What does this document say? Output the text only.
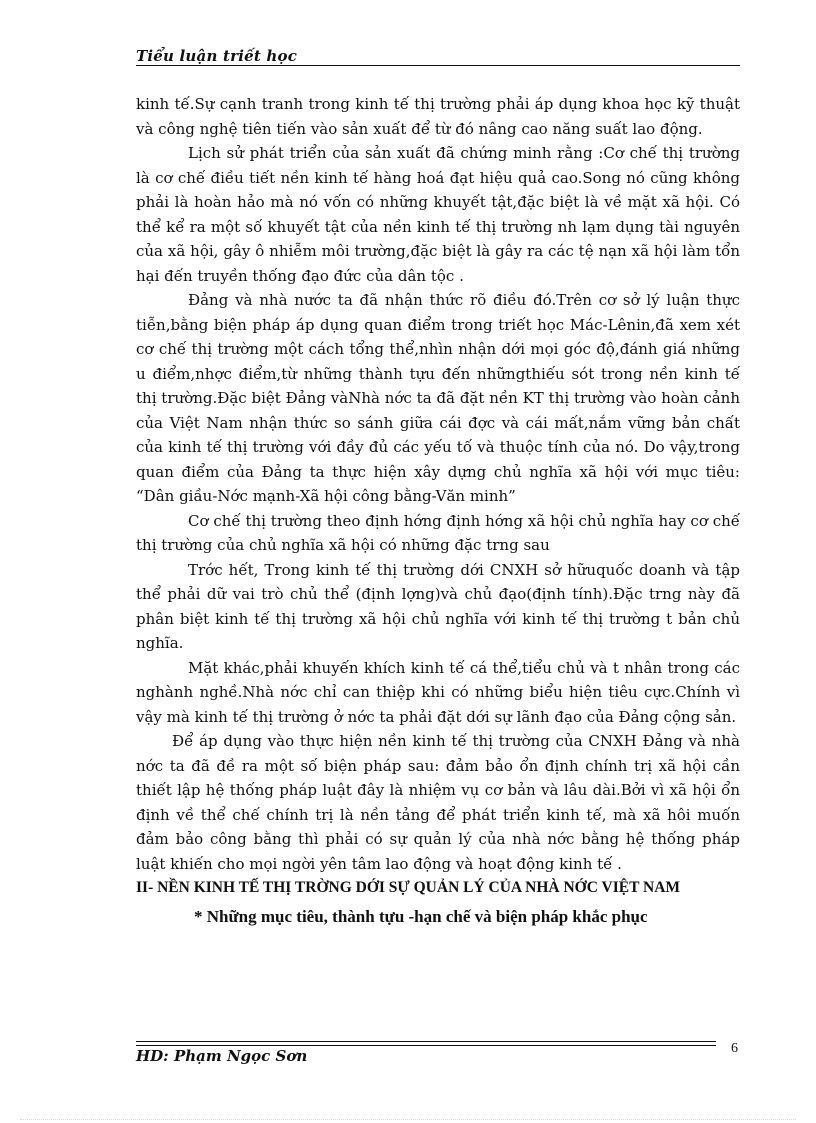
Tiểu luận triết học

kinh tế.Sự cạnh tranh trong kinh tế thị trường phải áp dụng khoa học kỹ thuật và công nghệ tiên tiến vào sản xuất để từ đó nâng cao năng suất lao động.

Lịch sử phát triển của sản xuất đã chứng minh rằng :Cơ chế thị trường là cơ chế điều tiết nền kinh tế hàng hoá đạt hiệu quả cao.Song nó cũng không phải là hoàn hảo mà nó vốn có những khuyết tật,đặc biệt là về mặt xã hội. Có thể kể ra một số khuyết tật của nền kinh tế thị trường nh lạm dụng tài nguyên của xã hội, gây ô nhiễm môi trường,đặc biệt là gây ra các tệ nạn xã hội làm tổn hại đến truyền thống đạo đức của dân tộc .

Đảng và nhà nước ta đã nhận thức rõ điều đó.Trên cơ sở lý luận thực tiễn,bằng biện pháp áp dụng quan điểm trong triết học Mác-Lênin,đã xem xét cơ chế thị trường một cách tổng thể,nhìn nhận dới mọi góc độ,đánh giá những u điểm,nhợc điểm,từ những thành tựu đến nhữngthiếu sót trong nền kinh tế thị trường.Đặc biệt Đảng vàNhà nớc ta đã đặt nền KT thị trường vào hoàn cảnh của Việt Nam nhận thức so sánh giữa cái đợc và cái mất,nắm vững bản chất của kinh tế thị trường với đầy đủ các yếu tố và thuộc tính của nó. Do vậy,trong quan điểm của Đảng ta thực hiện xây dựng chủ nghĩa xã hội với mục tiêu: “Dân giầu-Nớc mạnh-Xã hội công bằng-Văn minh”

Cơ chế thị trường theo định hớng định hớng xã hội chủ nghĩa hay cơ chế thị trường của chủ nghĩa xã hội có những đặc trng sau

Trớc hết, Trong kinh tế thị trường dới CNXH sở hữuquốc doanh và tập thể phải dữ vai trò chủ thể (định lợng)và chủ đạo(định tính).Đặc trng này đã phân biệt kinh tế thị trường xã hội chủ nghĩa với kinh tế thị trường t bản chủ nghĩa.

Mặt khác,phải khuyến khích kinh tế cá thể,tiểu chủ và t nhân trong các nghành nghề.Nhà nớc chỉ can thiệp khi có những biểu hiện tiêu cực.Chính vì vậy mà kinh tế thị trường ở nớc ta phải đặt dới sự lãnh đạo của Đảng cộng sản.

Để áp dụng vào thực hiện nền kinh tế thị trường của CNXH Đảng và nhà nớc ta đã đề ra một số biện pháp sau: đảm bảo ổn định chính trị xã hội cần thiết lập hệ thống pháp luật đây là nhiệm vụ cơ bản và lâu dài.Bởi vì xã hội ổn định về thể chế chính trị là nền tảng để phát triển kinh tế, mà xã hôi muốn đảm bảo công bằng thì phải có sự quản lý của nhà nớc bằng hệ thống pháp luật khiến cho mọi ngời yên tâm lao động và hoạt động kinh tế .

II- NỀN KINH TẾ THỊ TRỜNG DỚI SỰ QUẢN LÝ CỦA NHÀ NỚC VIỆT NAM
* Những mục tiêu, thành tựu -hạn chế và biện pháp khắc phục
HD: Phạm Ngọc Sơn	6
